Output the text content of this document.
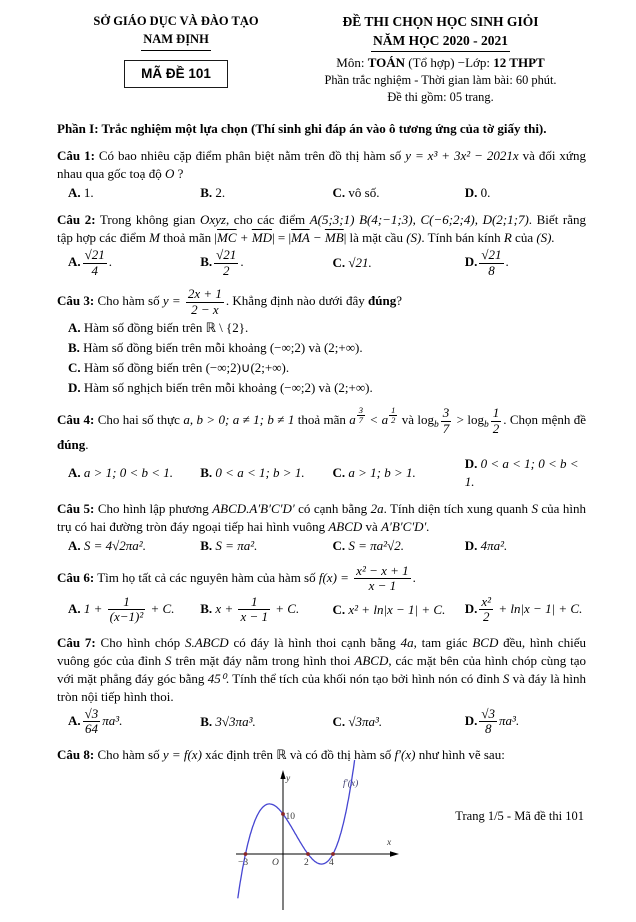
SỞ GIÁO DỤC VÀ ĐÀO TẠO
NAM ĐỊNH
MÃ ĐỀ 101
ĐỀ THI CHỌN HỌC SINH GIỎI
NĂM HỌC 2020 - 2021
Môn: TOÁN (Tổ hợp) −Lớp: 12 THPT
Phần trắc nghiệm - Thời gian làm bài: 60 phút.
Đề thi gồm: 05 trang.
Phần I: Trắc nghiệm một lựa chọn (Thí sinh ghi đáp án vào ô tương ứng của tờ giấy thi).

Câu 1: Có bao nhiêu cặp điểm phân biệt nằm trên đồ thị hàm số y = x³ + 3x² − 2021x và đối xứng nhau qua gốc toạ độ O ?

A. 1.	B. 2.	C. vô số.	D. 0.

Câu 2: Trong không gian Oxyz, cho các điểm A(5;3;1) B(4;−1;3), C(−6;2;4), D(2;1;7). Biết rằng tập hợp các điểm M thoả mãn $|\overline{MC} + \overline{MD}| = |\overline{MA} - \overline{MB}|$ là mặt cầu (S). Tính bán kính R của (S).

A. $\frac{√21}{4}$ .	B. $\frac{√21}{2}$ .	C. √21.	D. $\frac{√21}{8}$ .

Câu 3: Cho hàm số $y = \frac{2x + 1}{2 - x}$ . Khẳng định nào dưới đây đúng?

A. Hàm số đồng biến trên ℝ \ {2}.
B. Hàm số đồng biến trên mỗi khoảng (−∞;2) và (2;+∞).
C. Hàm số đồng biến trên (−∞;2)∪(2;+∞).
D. Hàm số nghịch biến trên mỗi khoảng (−∞;2) và (2;+∞).

Câu 4: Cho hai số thực a, b > 0; a ≠ 1; b ≠ 1 thoả mãn a $\frac{3}{7} < a \frac{1}{2}$ và $\log_b \frac{3}{7} > \log_b \frac{1}{2}$ . Chọn mệnh đề đúng.

A. a > 1; 0 < b < 1.	B. 0 < a < 1; b > 1.	C. a > 1; b > 1.
D. 0 < a < 1; 0 < b < 1.

Câu 5: Cho hình lập phương ABCD.A′B′C′D′ có cạnh bằng 2a. Tính diện tích xung quanh S của hình trụ có hai đường tròn đáy ngoại tiếp hai hình vuông ABCD và A′B′C′D′.

A. S = 4√2πa².	B. S = πa².	C. S = πa²√2.	D. 4πa².

Câu 6: Tìm họ tất cả các nguyên hàm của hàm số $f(x) = \frac{\text{x² − x + 1}}{x - 1}$ .

A. $1 + \frac{1}{\text{(x−1)²}} + C$.	B. $x + \frac{1}{x - 1} + C$.	C. x² + ln|x − 1| + C.	D. $\frac{\text{x²}}{2} + \ln|x - 1| + C$.

Câu 7: Cho hình chóp S.ABCD có đáy là hình thoi cạnh bằng 4a, tam giác BCD đều, hình chiếu vuông góc của đỉnh S trên mặt đáy nằm trong hình thoi ABCD, các mặt bên của hình chóp cùng tạo với mặt phẳng đáy góc bằng 45⁰. Tính thể tích của khối nón tạo bởi hình nón có đỉnh S và đáy là hình tròn nội tiếp hình thoi.

A. $\frac{√3}{64} \pi a^3$.	B. 3√3πa³.	C. √3πa³.	D. $\frac{√3}{8} \pi a^3$.

Câu 8: Cho hàm số y = f(x) xác định trên ℝ và có đồ thị hàm số f′(x) như hình vẽ sau:

x
y
O
−3	2 4
10
f′(x)
Trang 1/5 - Mã đề thi 101
